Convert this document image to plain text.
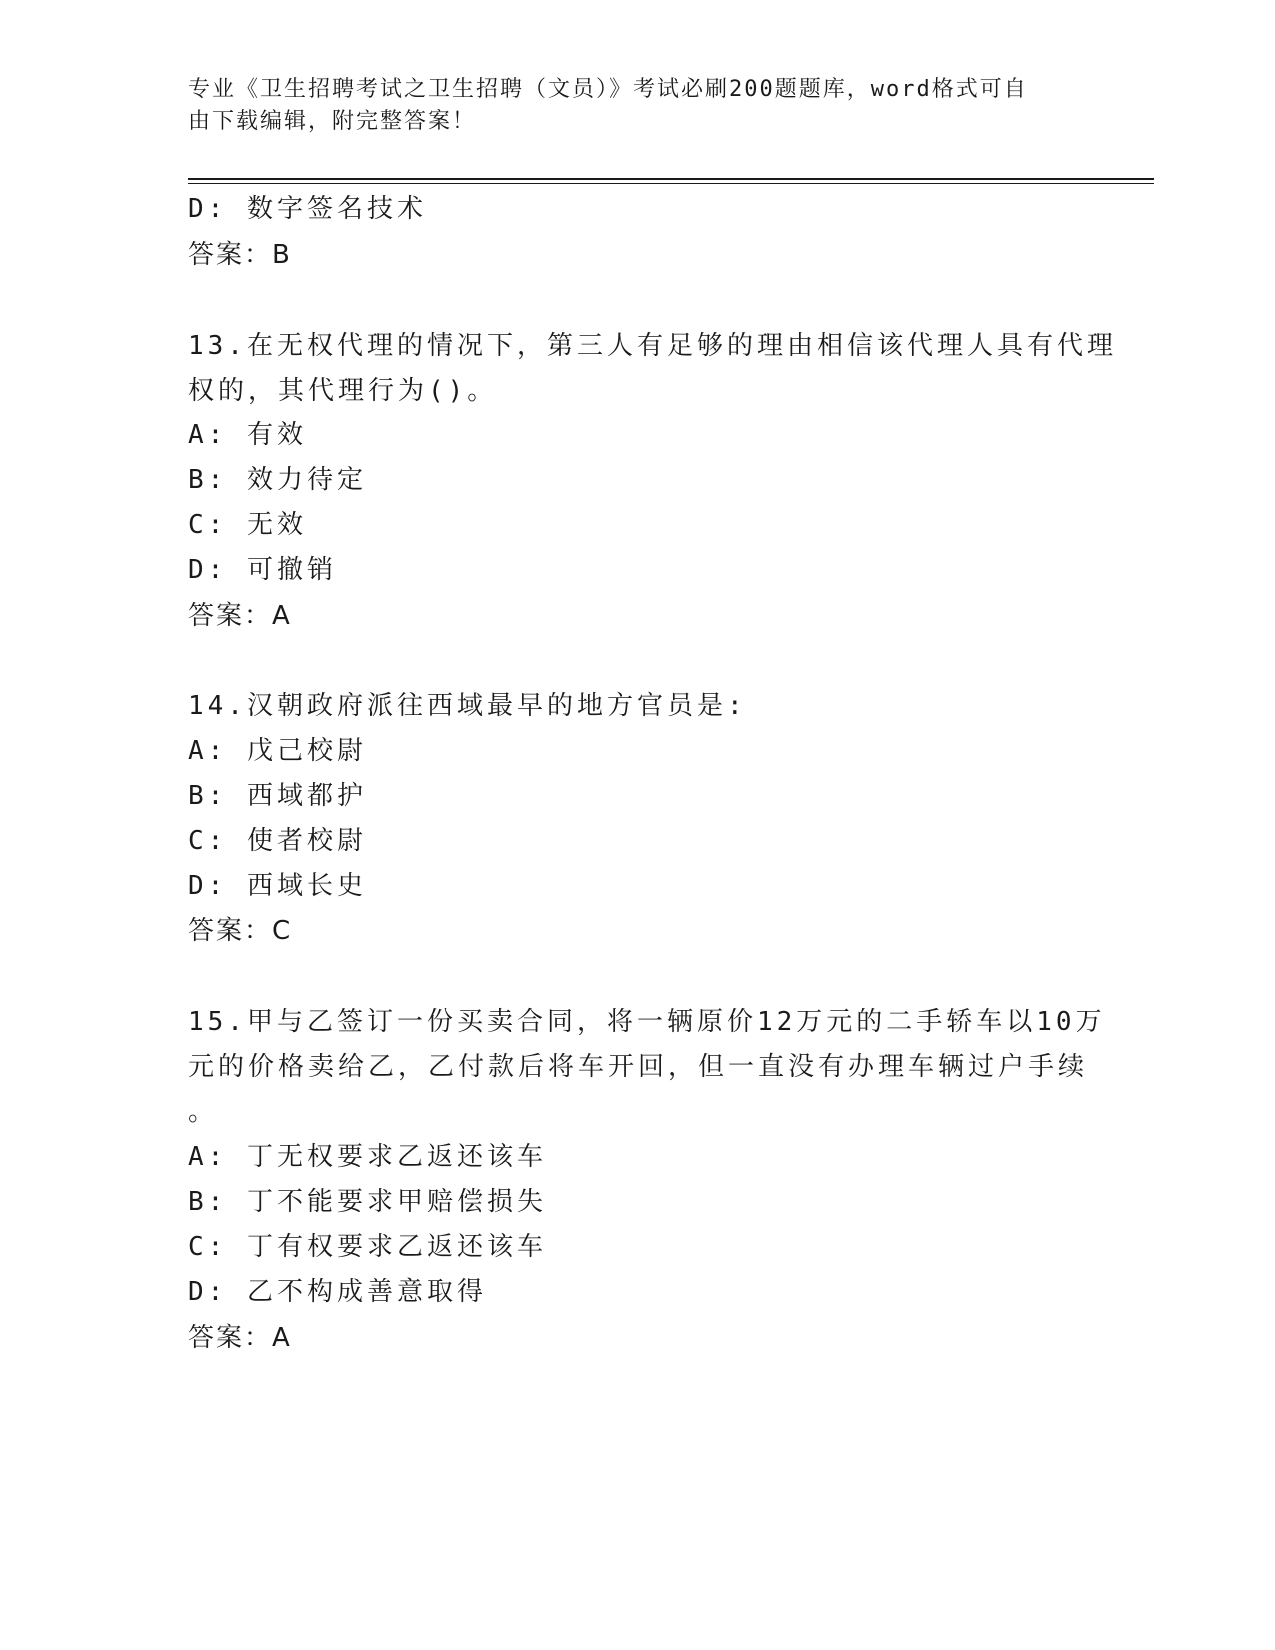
专业《卫生招聘考试之卫生招聘（文员）》考试必刷200题题库，word格式可自
由下载编辑，附完整答案！
D: 数字签名技术
答案：B
13.在无权代理的情况下，第三人有足够的理由相信该代理人具有代理
权的，其代理行为()。
A: 有效
B: 效力待定
C: 无效
D: 可撤销
答案：A
14.汉朝政府派往西域最早的地方官员是:
A: 戊己校尉
B: 西域都护
C: 使者校尉
D: 西域长史
答案：C
15.甲与乙签订一份买卖合同，将一辆原价12万元的二手轿车以10万
元的价格卖给乙，乙付款后将车开回，但一直没有办理车辆过户手续
。
A: 丁无权要求乙返还该车
B: 丁不能要求甲赔偿损失
C: 丁有权要求乙返还该车
D: 乙不构成善意取得
答案：A
